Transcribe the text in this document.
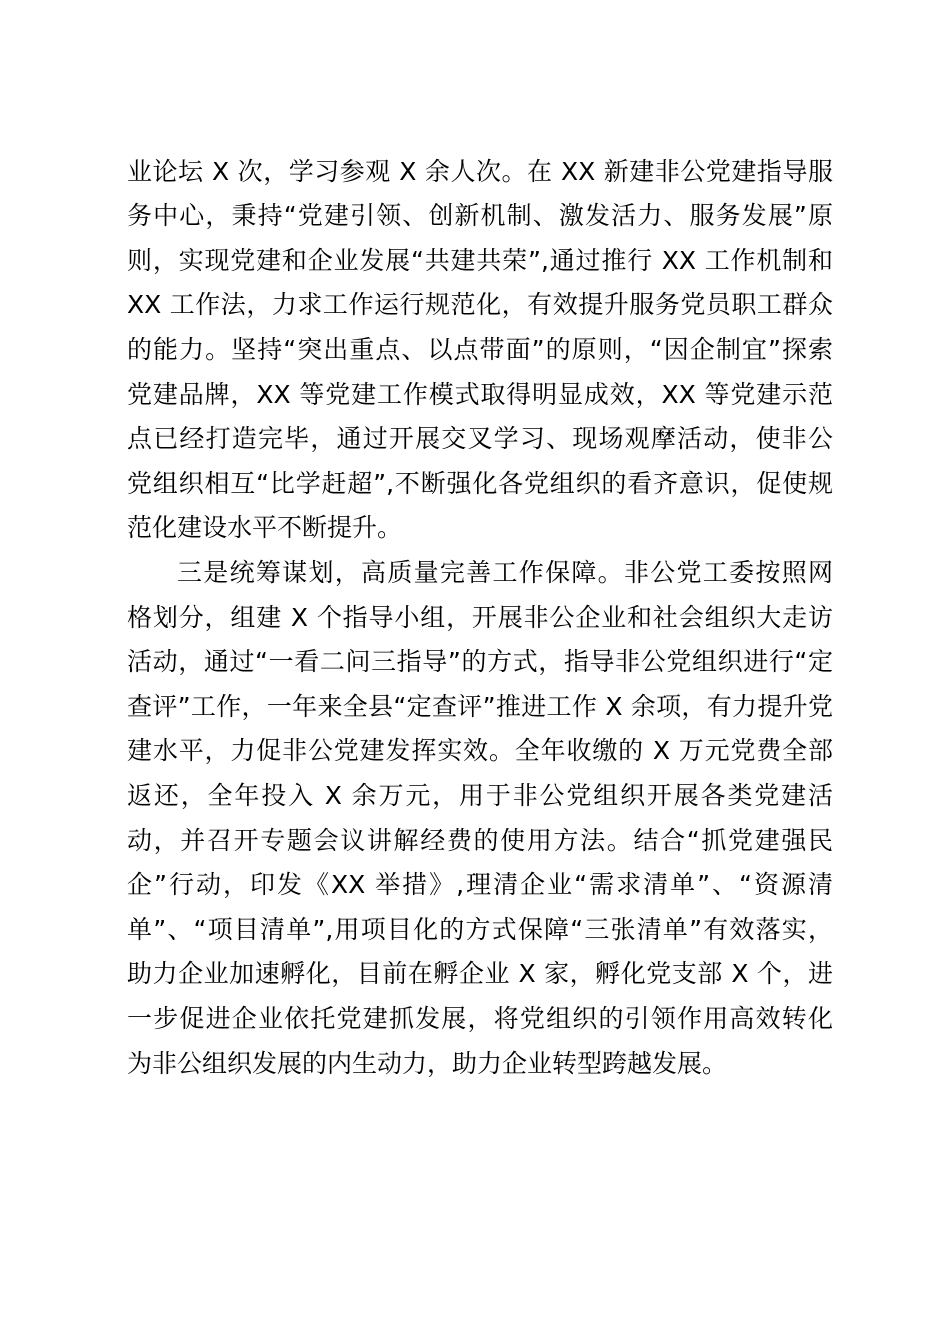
业论坛 X 次，学习参观 X 余人次。在 XX 新建非公党建指导服
务中心，秉持“党建引领、创新机制、激发活力、服务发展”原
则，实现党建和企业发展“共建共荣”,通过推行 XX 工作机制和
XX 工作法，力求工作运行规范化，有效提升服务党员职工群众
的能力。坚持“突出重点、以点带面”的原则，“因企制宜”探索
党建品牌，XX 等党建工作模式取得明显成效，XX 等党建示范
点已经打造完毕，通过开展交叉学习、现场观摩活动，使非公
党组织相互“比学赶超”,不断强化各党组织的看齐意识，促使规
范化建设水平不断提升。
三是统筹谋划，高质量完善工作保障。非公党工委按照网
格划分，组建 X 个指导小组，开展非公企业和社会组织大走访
活动，通过“一看二问三指导”的方式，指导非公党组织进行“定
查评”工作，一年来全县“定查评”推进工作 X 余项，有力提升党
建水平，力促非公党建发挥实效。全年收缴的 X 万元党费全部
返还，全年投入 X 余万元，用于非公党组织开展各类党建活
动，并召开专题会议讲解经费的使用方法。结合“抓党建强民
企”行动，印发《XX 举措》,理清企业“需求清单”、“资源清
单”、“项目清单”,用项目化的方式保障“三张清单”有效落实，
助力企业加速孵化，目前在孵企业 X 家，孵化党支部 X 个，进
一步促进企业依托党建抓发展，将党组织的引领作用高效转化
为非公组织发展的内生动力，助力企业转型跨越发展。
